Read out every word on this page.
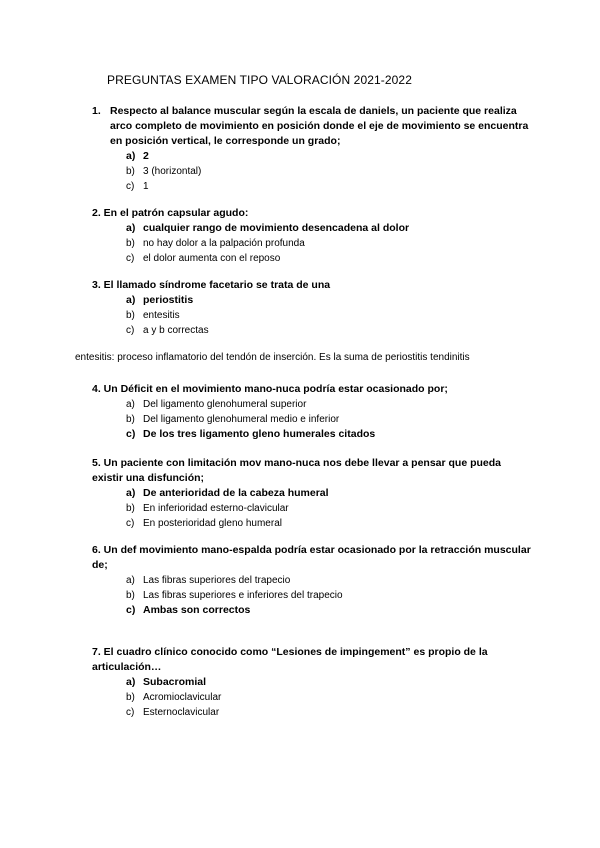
PREGUNTAS EXAMEN TIPO VALORACIÓN 2021-2022
1. Respecto al balance muscular según la escala de daniels, un paciente que realiza arco completo de movimiento en posición donde el eje de movimiento se encuentra en posición vertical, le corresponde un grado;
a) 2
b) 3 (horizontal)
c) 1
2. En el patrón capsular agudo:
a) cualquier rango de movimiento desencadena al dolor
b) no hay dolor a la palpación profunda
c) el dolor aumenta con el reposo
3. El llamado síndrome facetario se trata de una
a) periostitis
b) entesitis
c) a y b correctas
entesitis: proceso inflamatorio del tendón de inserción. Es la suma de periostitis tendinitis
4. Un Déficit en el movimiento mano-nuca podría estar ocasionado por;
a) Del ligamento glenohumeral superior
b) Del ligamento glenohumeral medio e inferior
c) De los tres ligamento gleno humerales citados
5. Un paciente con limitación mov mano-nuca nos debe llevar a pensar que pueda existir una disfunción;
a) De anterioridad de la cabeza humeral
b) En inferioridad esterno-clavicular
c) En posterioridad gleno humeral
6. Un def movimiento mano-espalda podría estar ocasionado por la retracción muscular de;
a) Las fibras superiores del trapecio
b) Las fibras superiores e inferiores del trapecio
c) Ambas son correctos
7. El cuadro clínico conocido como “Lesiones de impingement” es propio de la articulación…
a) Subacromial
b) Acromioclavicular
c) Esternoclavicular
